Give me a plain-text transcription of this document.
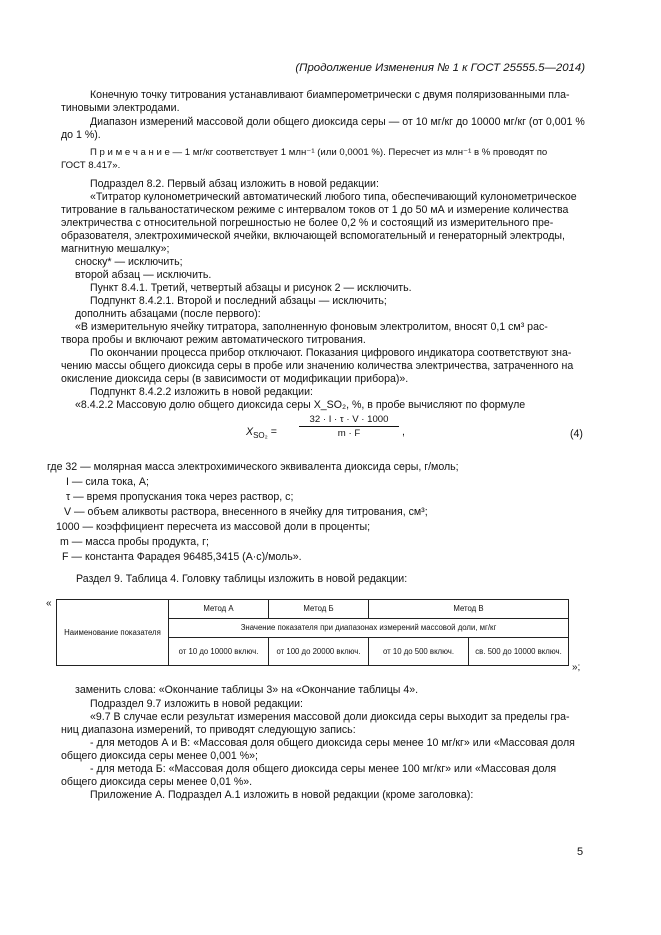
(Продолжение Изменения № 1 к ГОСТ 25555.5—2014)
Конечную точку титрования устанавливают биамперометрически с двумя поляризованными пла-
тиновыми электродами.
Диапазон измерений массовой доли общего диоксида серы — от 10 мг/кг до 10000 мг/кг (от 0,001 %
до 1 %).
П р и м е ч а н и е — 1 мг/кг соответствует 1 млн⁻¹ (или 0,0001 %). Пересчет из млн⁻¹ в % проводят по
ГОСТ 8.417».
Подраздел 8.2. Первый абзац изложить в новой редакции:
«Титратор кулонометрический автоматический любого типа, обеспечивающий кулонометрическое
титрование в гальваностатическом режиме с интервалом токов от 1 до 50 мА и измерение количества
электричества с относительной погрешностью не более 0,2 % и состоящий из измерительного пре-
образователя, электрохимической ячейки, включающей вспомогательный и генераторный электроды,
магнитную мешалку»;
сноску* — исключить;
второй абзац — исключить.
Пункт 8.4.1. Третий, четвертый абзацы и рисунок 2 — исключить.
Подпункт 8.4.2.1. Второй и последний абзацы — исключить;
дополнить абзацами (после первого):
«В измерительную ячейку титратора, заполненную фоновым электролитом, вносят 0,1 см³ рас-
твора пробы и включают режим автоматического титрования.
По окончании процесса прибор отключают. Показания цифрового индикатора соответствуют зна-
чению массы общего диоксида серы в пробе или значению количества электричества, затраченного на
окисление диоксида серы (в зависимости от модификации прибора)».
Подпункт 8.4.2.2 изложить в новой редакции:
«8.4.2.2 Массовую долю общего диоксида серы X_SO₂, %, в пробе вычисляют по формуле
$X_{SO_2} = \frac{32 \cdot I \cdot \tau \cdot V \cdot 1000}{m \cdot F}$ ,	(4)
где 32 — молярная масса электрохимического эквивалента диоксида серы, г/моль;
I — сила тока, А;
τ — время пропускания тока через раствор, с;
V — объем аликвоты раствора, внесенного в ячейку для титрования, см³;
1000 — коэффициент пересчета из массовой доли в проценты;
m — масса пробы продукта, г;
F — константа Фарадея 96485,3415 (А·с)/моль».
Раздел 9. Таблица 4. Головку таблицы изложить в новой редакции:
«
Наименование показателя	Метод А	Метод Б	Метод В	
	Значение показателя при диапазонах измерений массовой доли, мг/кг			
	от 10 до 10000 включ.	от 100 до 20000 включ.	от 10 до 500 включ.	св. 500 до 10000 включ.
»;
заменить слова: «Окончание таблицы 3» на «Окончание таблицы 4».
Подраздел 9.7 изложить в новой редакции:
«9.7 В случае если результат измерения массовой доли диоксида серы выходит за пределы гра-
ниц диапазона измерений, то приводят следующую запись:
- для методов А и В: «Массовая доля общего диоксида серы менее 10 мг/кг» или «Массовая доля
общего диоксида серы менее 0,001 %»;
- для метода Б: «Массовая доля общего диоксида серы менее 100 мг/кг» или «Массовая доля
общего диоксида серы менее 0,01 %».
Приложение А. Подраздел А.1 изложить в новой редакции (кроме заголовка):
5
